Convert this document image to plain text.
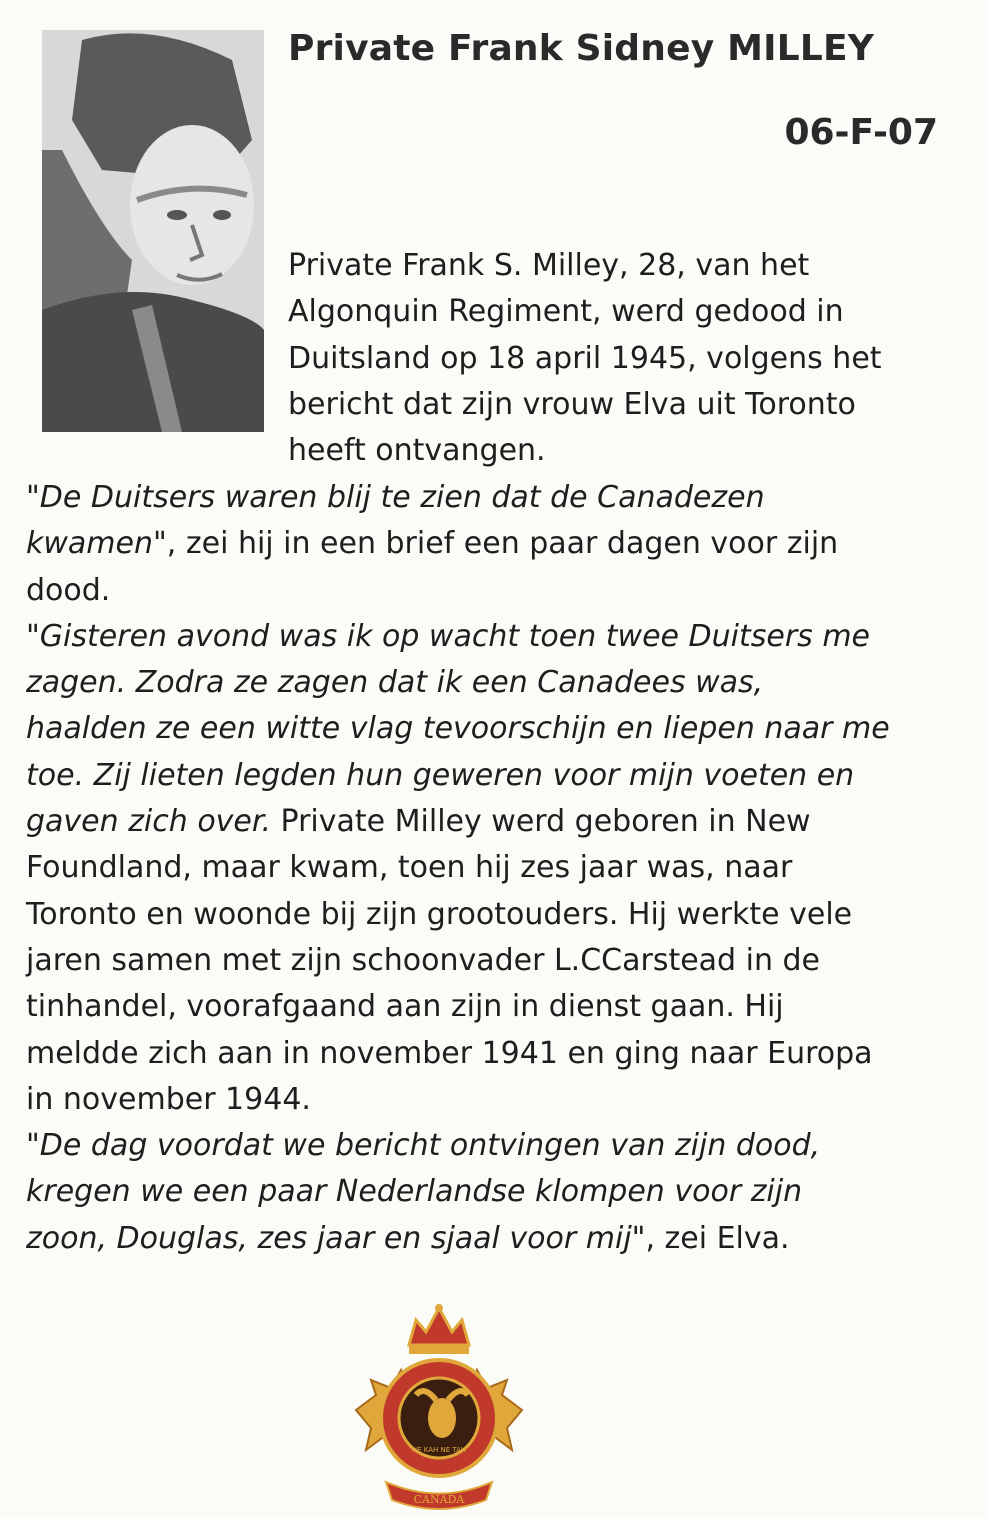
Private Frank Sidney MILLEY
06-F-07
Private Frank S. Milley, 28, van het
Algonquin Regiment, werd gedood in
Duitsland op 18 april 1945, volgens het
bericht dat zijn vrouw Elva uit Toronto
heeft ontvangen.
"De Duitsers waren blij te zien dat de Canadezen
kwamen", zei hij in een brief een paar dagen voor zijn
dood.
"Gisteren avond was ik op wacht toen twee Duitsers me
zagen. Zodra ze zagen dat ik een Canadees was,
haalden ze een witte vlag tevoorschijn en liepen naar me
toe. Zij lieten legden hun geweren voor mijn voeten en
gaven zich over. Private Milley werd geboren in New
Foundland, maar kwam, toen hij zes jaar was, naar
Toronto en woonde bij zijn grootouders. Hij werkte vele
jaren samen met zijn schoonvader L.CCarstead in de
tinhandel, voorafgaand aan zijn in dienst gaan. Hij
meldde zich aan in november 1941 en ging naar Europa
in november 1944.
"De dag voordat we bericht ontvingen van zijn dood,
kregen we een paar Nederlandse klompen voor zijn
zoon, Douglas, zes jaar en sjaal voor mij", zei Elva.
NE KAH NE TAH
CANADA
